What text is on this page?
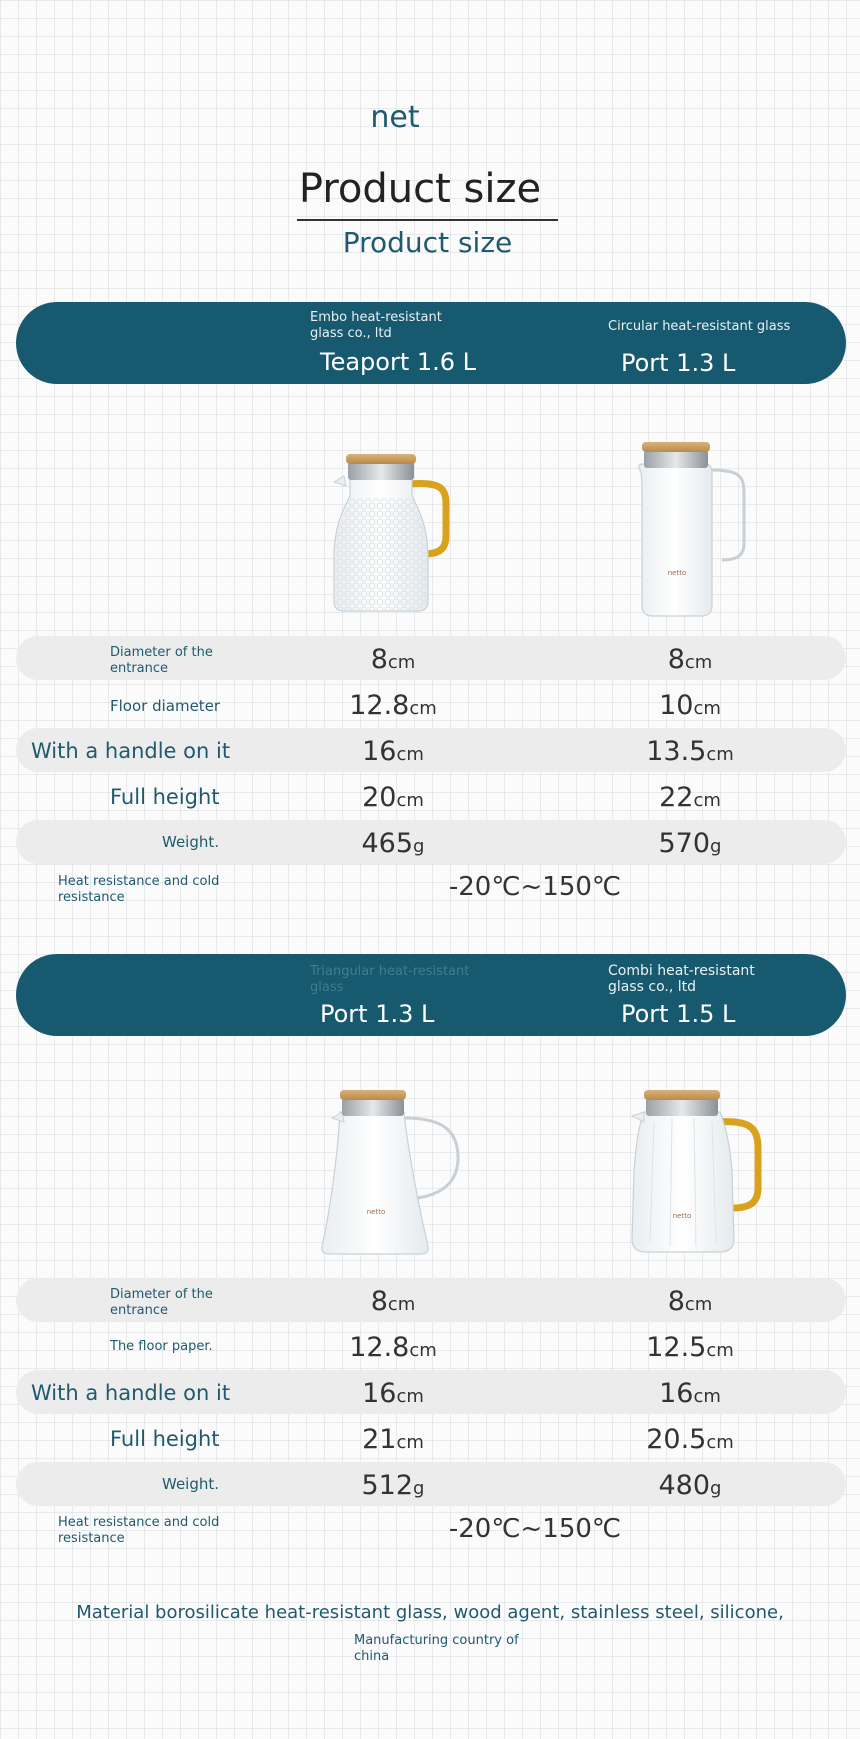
net
Product size
Product size
Embo heat-resistant glass co., ltd
Teaport 1.6 L
Circular heat-resistant glass
Port 1.3 L
netto
Diameter of the entrance	8cm	8cm
Floor diameter	12.8cm	10cm
With a handle on it	16cm	13.5cm
Full height	20cm	22cm
Weight.	465g	570g
Heat resistance and cold resistance	-20℃~150℃
Triangular heat-resistant glass
Port 1.3 L
Combi heat-resistant glass co., ltd
Port 1.5 L
netto	netto
Diameter of the entrance	8cm	8cm
The floor paper.	12.8cm	12.5cm
With a handle on it	16cm	16cm
Full height	21cm	20.5cm
Weight.	512g	480g
Heat resistance and cold resistance	-20℃~150℃
Material borosilicate heat-resistant glass, wood agent, stainless steel, silicone,
Manufacturing country of china
